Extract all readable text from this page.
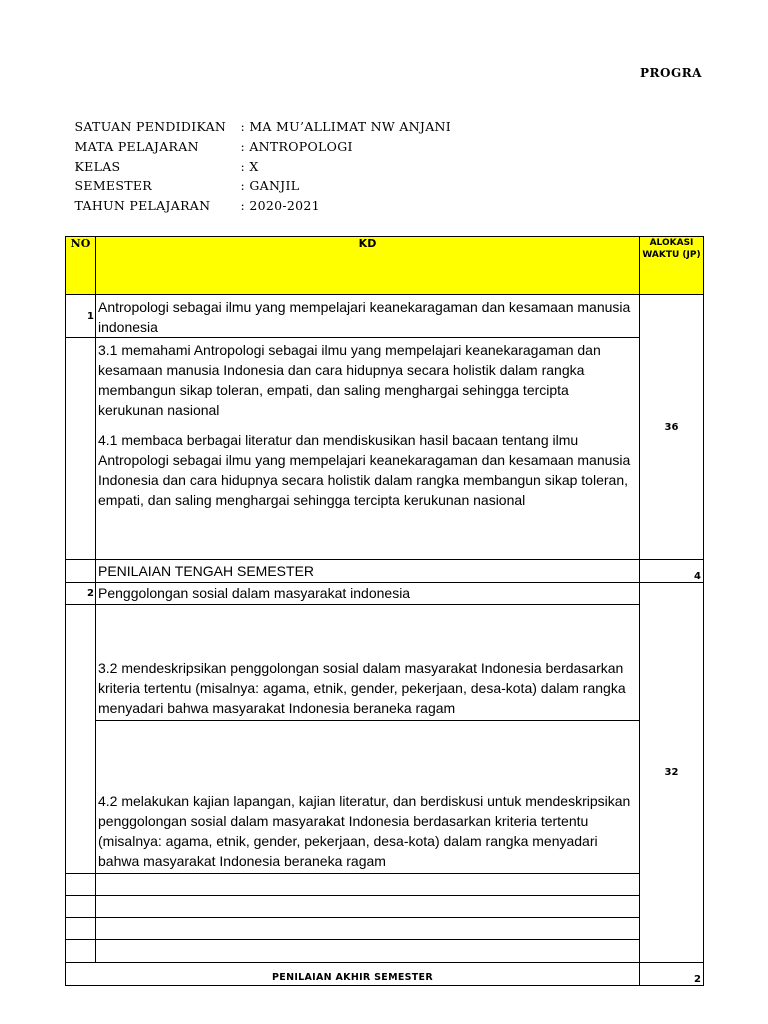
PROGRA

SATUAN PENDIDIKAN : MA MU’ALLIMAT NW ANJANI

MATA PELAJARAN	: ANTROPOLOGI

KELAS	: X

SEMESTER	: GANJIL

TAHUN PELAJARAN : 2020-2021

NO	KD	ALOKASI WAKTU (JP)
1	Antropologi sebagai ilmu yang mempelajari keanekaragaman dan kesamaan manusia indonesia	36

	3.1 memahami Antropologi sebagai ilmu yang mempelajari keanekaragaman dan kesamaan manusia Indonesia dan cara hidupnya secara holistik dalam rangka membangun sikap toleran, empati, dan saling menghargai sehingga tercipta kerukunan nasional
4.1 membaca berbagai literatur dan mendiskusikan hasil bacaan tentang ilmu Antropologi sebagai ilmu yang mempelajari keanekaragaman dan kesamaan manusia Indonesia dan cara hidupnya secara holistik dalam rangka membangun sikap toleran, empati, dan saling menghargai sehingga tercipta kerukunan nasional	

	PENILAIAN TENGAH SEMESTER	4
2	Penggolongan sosial dalam masyarakat indonesia	32
	3.2 mendeskripsikan penggolongan sosial dalam masyarakat Indonesia berdasarkan kriteria tertentu (misalnya: agama, etnik, gender, pekerjaan, desa-kota) dalam rangka menyadari bahwa masyarakat Indonesia beraneka ragam	
	4.2 melakukan kajian lapangan, kajian literatur, dan berdiskusi untuk mendeskripsikan penggolongan sosial dalam masyarakat Indonesia berdasarkan kriteria tertentu (misalnya: agama, etnik, gender, pekerjaan, desa-kota) dalam rangka menyadari bahwa masyarakat Indonesia beraneka ragam	

PENILAIAN AKHIR SEMESTER		2
